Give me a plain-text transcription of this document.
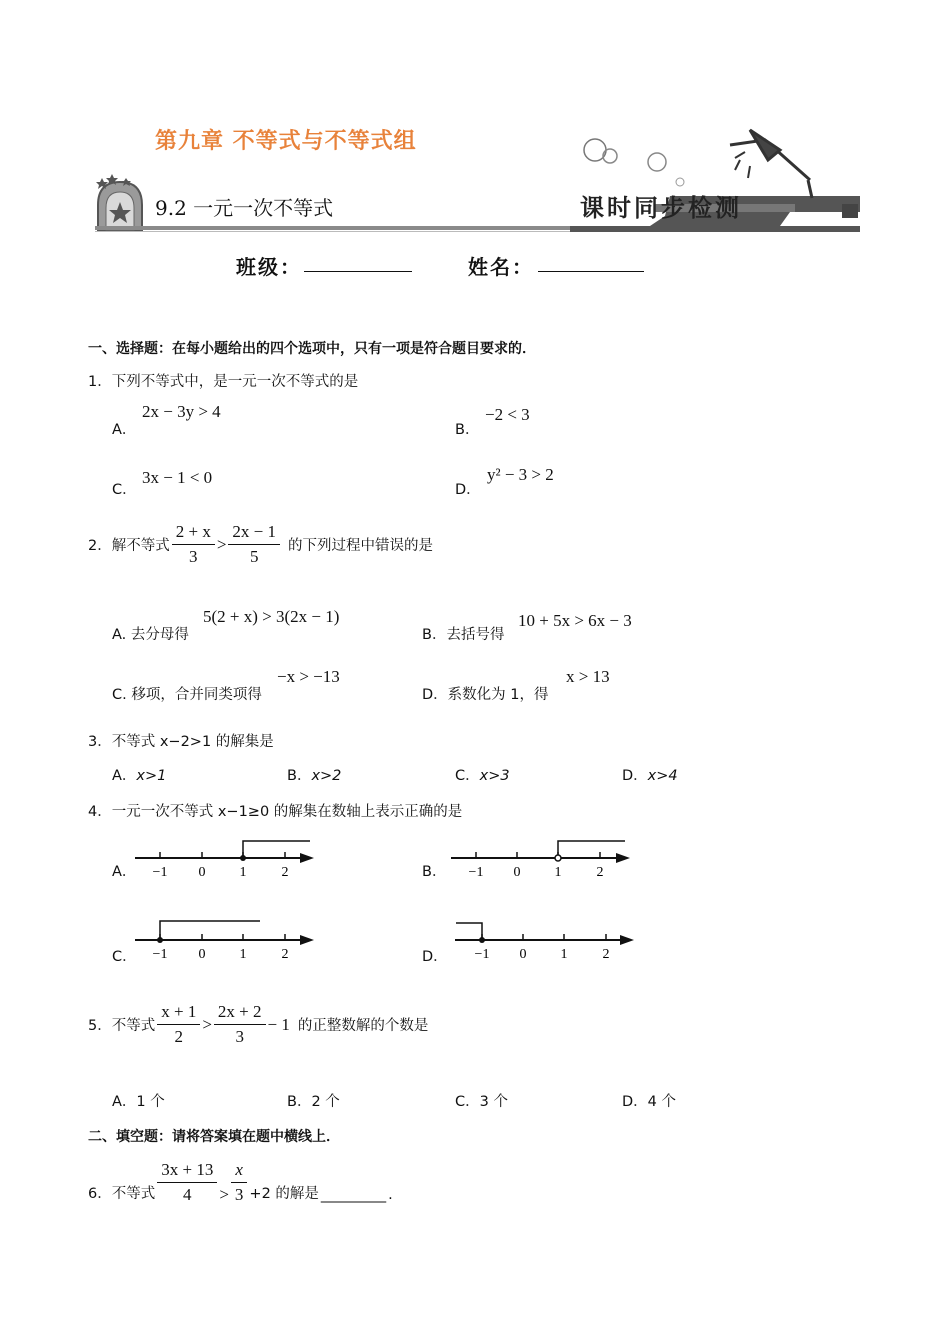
第九章 不等式与不等式组
9.2 一元一次不等式	课时同步检测
班级：	姓名：
一、选择题：在每小题给出的四个选项中，只有一项是符合题目要求的．
1．下列不等式中，是一元一次不等式的是
A．
2x − 3y > 4
B．
−2 < 3
C．
3x − 1 < 0
D．
y² − 3 > 2
2．解不等式 $\frac{2 + x}{3} > \frac{2x - 1}{5}$ 的下列过程中错误的是
A. 去分母得
5(2 + x) > 3(2x − 1)
B．去括号得
10 + 5x > 6x − 3
C. 移项，合并同类项得
−x > −13
D．系数化为 1，得
x > 13
3．不等式 x−2>1 的解集是
A．x>1	B．x>2	C．x>3	D．x>4
4．一元一次不等式 x−1≥0 的解集在数轴上表示正确的是
A． −1 0 1	2	B． −1 0 1	2
C． −1 0 1	2	D． −1 0 1	2
5．不等式 $\frac{x + 1}{2} > \frac{2x + 2}{3} - 1$ 的正整数解的个数是
A．1 个	B．2 个	C．3 个	D．4 个
二、填空题：请将答案填在题中横线上．
6．不等式 $\frac{3x + 13}{4} > \frac{x}{3} +2$ 的解是 _________ .
